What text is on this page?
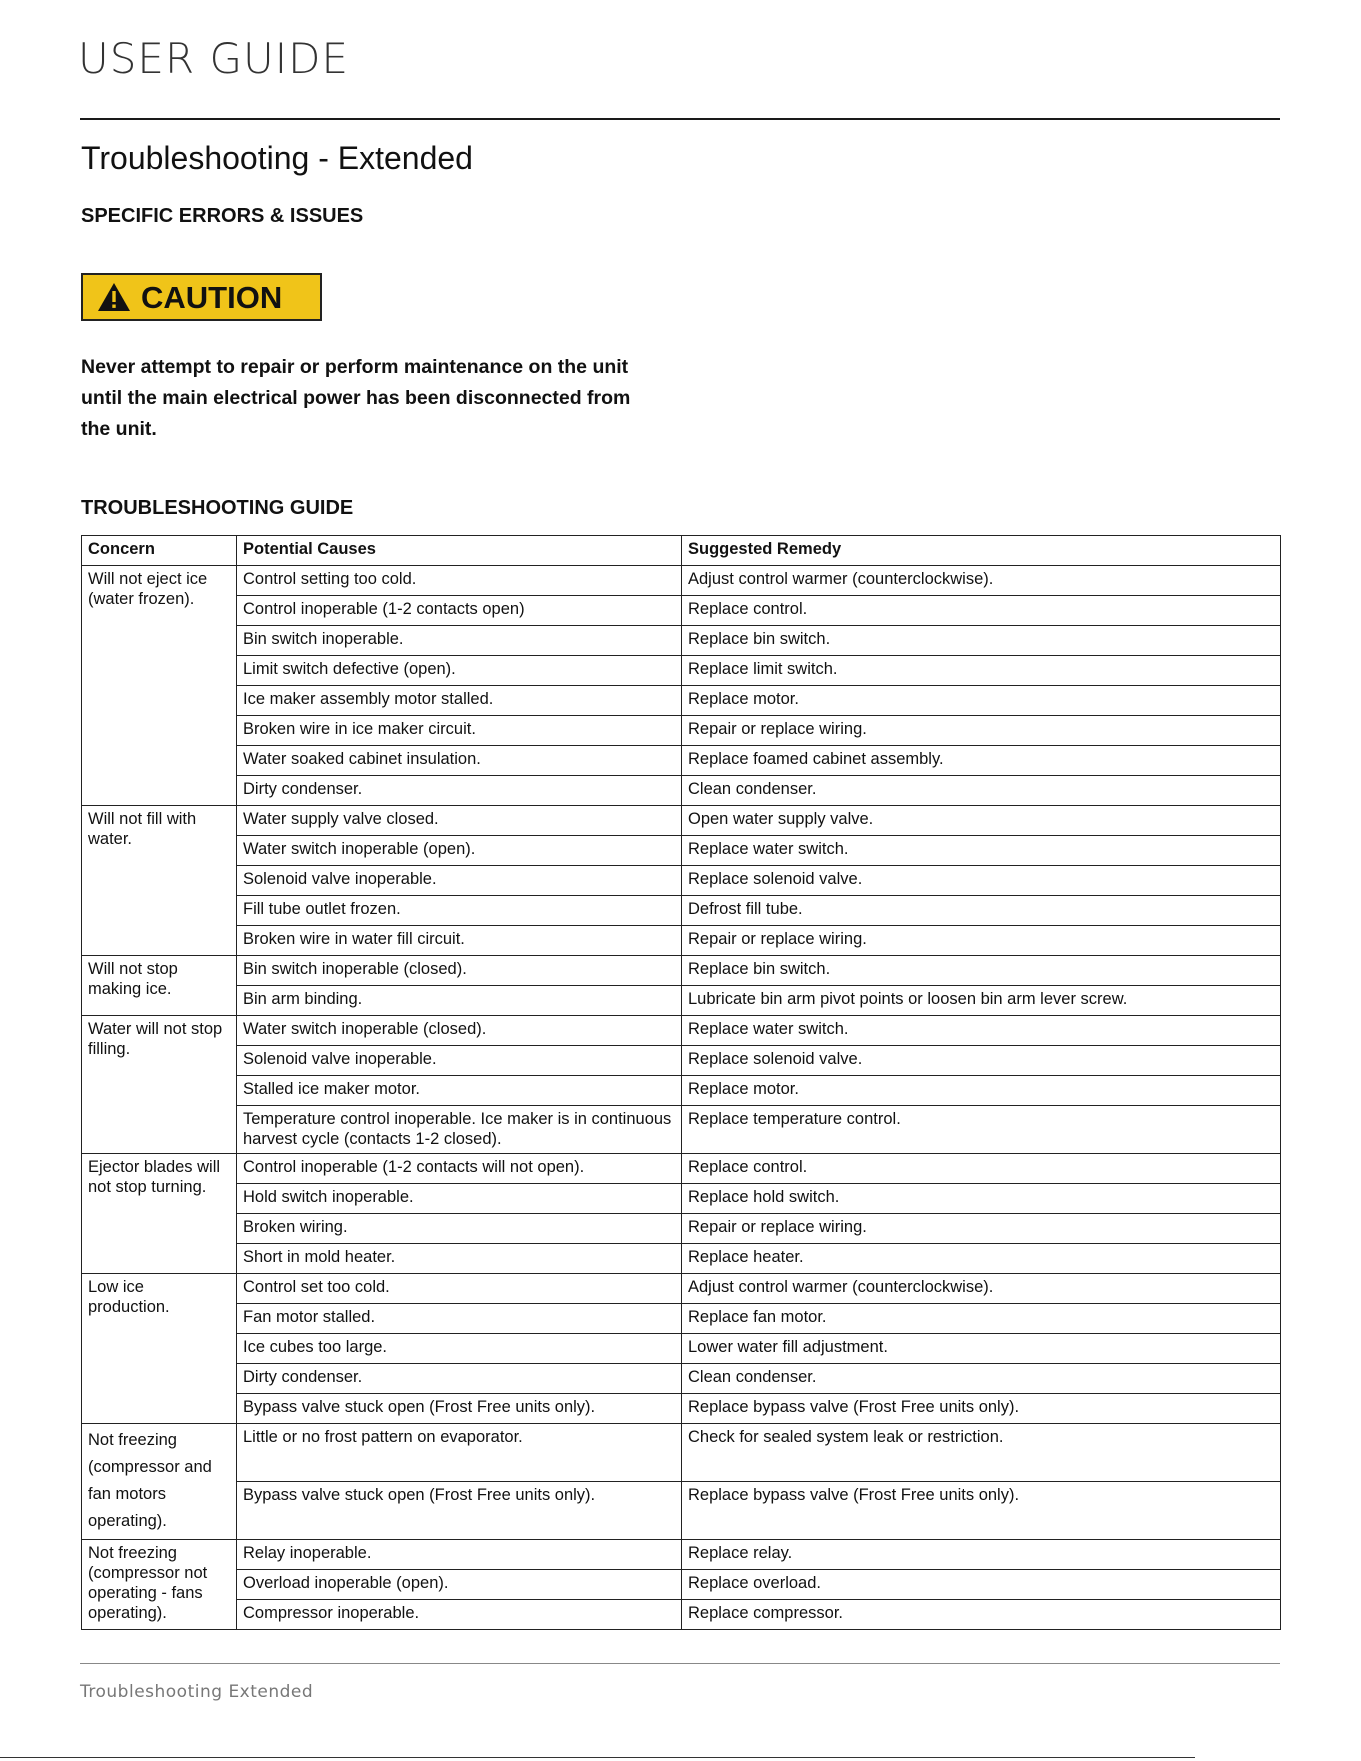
USER GUIDE
Troubleshooting - Extended
SPECIFIC ERRORS & ISSUES
CAUTION
Never attempt to repair or perform maintenance on the unit until the main electrical power has been disconnected from the unit.
TROUBLESHOOTING GUIDE
Concern	Potential Causes	Suggested Remedy
Will not eject ice (water frozen).	Control setting too cold.	Adjust control warmer (counterclockwise).
	Control inoperable (1-2 contacts open)	Replace control.
	Bin switch inoperable.	Replace bin switch.
	Limit switch defective (open).	Replace limit switch.
	Ice maker assembly motor stalled.	Replace motor.
	Broken wire in ice maker circuit.	Repair or replace wiring.
	Water soaked cabinet insulation.	Replace foamed cabinet assembly.
	Dirty condenser.	Clean condenser.
Will not fill with water.	Water supply valve closed.	Open water supply valve.
	Water switch inoperable (open).	Replace water switch.
	Solenoid valve inoperable.	Replace solenoid valve.
	Fill tube outlet frozen.	Defrost fill tube.
	Broken wire in water fill circuit.	Repair or replace wiring.
Will not stop making ice.	Bin switch inoperable (closed).	Replace bin switch.
	Bin arm binding.	Lubricate bin arm pivot points or loosen bin arm lever screw.
Water will not stop filling.	Water switch inoperable (closed).	Replace water switch.
	Solenoid valve inoperable.	Replace solenoid valve.
	Stalled ice maker motor.	Replace motor.
	Temperature control inoperable. Ice maker is in continuous harvest cycle (contacts 1-2 closed).	Replace temperature control.
Ejector blades will not stop turning.	Control inoperable (1-2 contacts will not open).	Replace control.
	Hold switch inoperable.	Replace hold switch.
	Broken wiring.	Repair or replace wiring.
	Short in mold heater.	Replace heater.
Low ice production.	Control set too cold.	Adjust control warmer (counterclockwise).
	Fan motor stalled.	Replace fan motor.
	Ice cubes too large.	Lower water fill adjustment.
	Dirty condenser.	Clean condenser.
	Bypass valve stuck open (Frost Free units only).	Replace bypass valve (Frost Free units only).
Not freezing (compressor and fan motors operating).	Little or no frost pattern on evaporator.	Check for sealed system leak or restriction.
	Bypass valve stuck open (Frost Free units only).	Replace bypass valve (Frost Free units only).
Not freezing (compressor not operating - fans operating).	Relay inoperable.	Replace relay.
	Overload inoperable (open).	Replace overload.
	Compressor inoperable.	Replace compressor.
Troubleshooting Extended
